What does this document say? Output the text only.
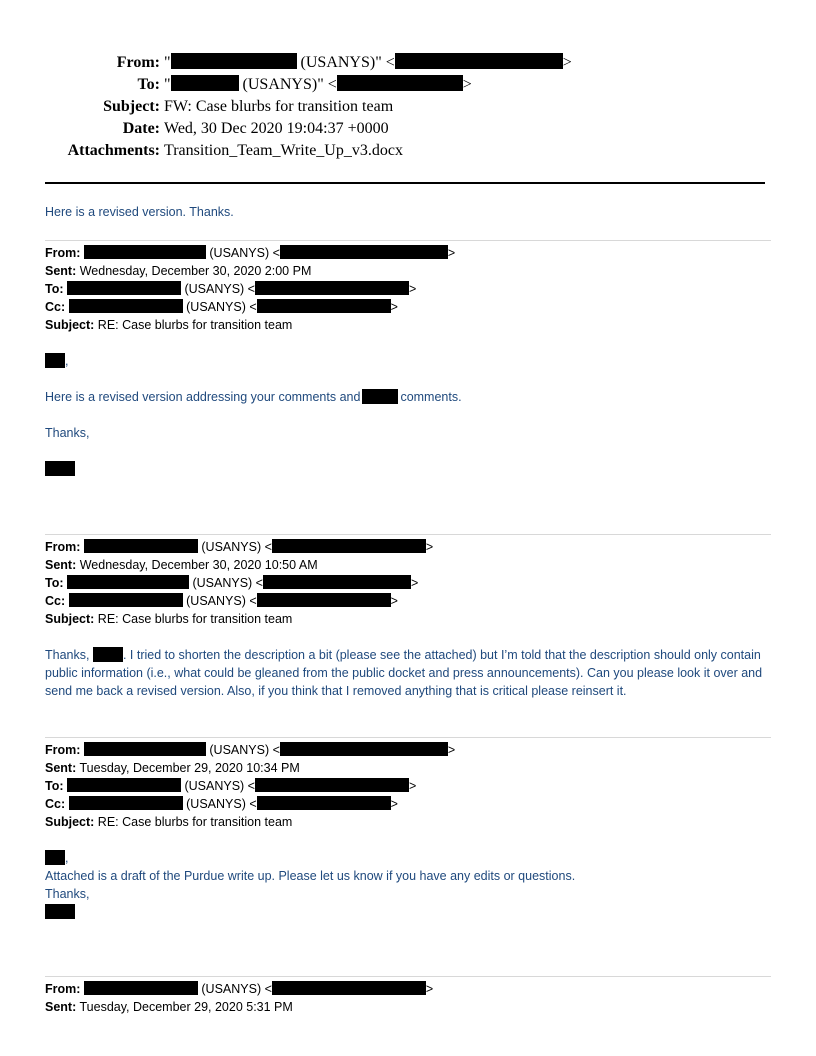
From: "	(USANYS)" <	>
To: "	(USANYS)" <	>
Subject: FW: Case blurbs for transition team
Date: Wed, 30 Dec 2020 19:04:37 +0000
Attachments: Transition_Team_Write_Up_v3.docx
Here is a revised version. Thanks.
From:	(USANYS) <	>
Sent: Wednesday, December 30, 2020 2:00 PM
To:	(USANYS) <	>
Cc:	(USANYS) <	>
Subject: RE: Case blurbs for transition team
,
Here is a revised version addressing your comments and	comments.
Thanks,
From:	(USANYS) <	>
Sent: Wednesday, December 30, 2020 10:50 AM
To:	(USANYS) <	>
Cc:	(USANYS) <	>
Subject: RE: Case blurbs for transition team
Thanks,	. I tried to shorten the description a bit (please see the attached) but I’m told that the description should only contain public information (i.e., what could be gleaned from the public docket and press announcements). Can you please look it over and send me back a revised version. Also, if you think that I removed anything that is critical please reinsert it.
From:	(USANYS) <	>
Sent: Tuesday, December 29, 2020 10:34 PM
To:	(USANYS) <	>
Cc:	(USANYS) <	>
Subject: RE: Case blurbs for transition team
,
Attached is a draft of the Purdue write up. Please let us know if you have any edits or questions.
Thanks,
From:	(USANYS) <	>
Sent: Tuesday, December 29, 2020 5:31 PM
